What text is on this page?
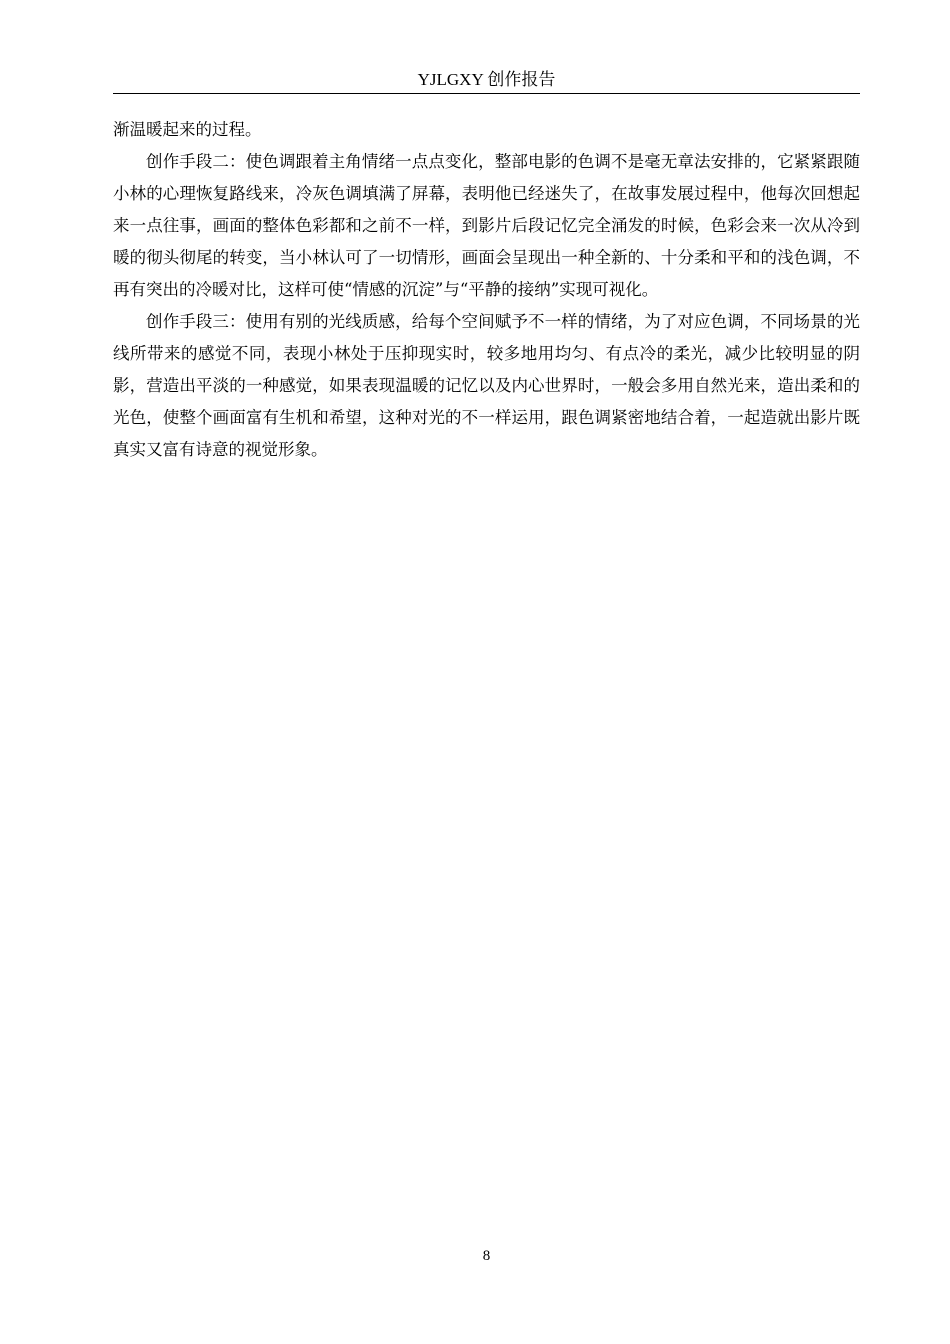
YJLGXY 创作报告

渐温暖起来的过程。

创作手段二：使色调跟着主角情绪一点点变化，整部电影的色调不是毫无章法安排的，它紧紧跟随小林的心理恢复路线来，冷灰色调填满了屏幕，表明他已经迷失了，在故事发展过程中，他每次回想起来一点往事，画面的整体色彩都和之前不一样，到影片后段记忆完全涌发的时候，色彩会来一次从冷到暖的彻头彻尾的转变，当小林认可了一切情形，画面会呈现出一种全新的、十分柔和平和的浅色调，不再有突出的冷暖对比，这样可使“情感的沉淀”与“平静的接纳”实现可视化。

创作手段三：使用有别的光线质感，给每个空间赋予不一样的情绪，为了对应色调，不同场景的光线所带来的感觉不同，表现小林处于压抑现实时，较多地用均匀、有点冷的柔光，减少比较明显的阴影，营造出平淡的一种感觉，如果表现温暖的记忆以及内心世界时，一般会多用自然光来，造出柔和的光色，使整个画面富有生机和希望，这种对光的不一样运用，跟色调紧密地结合着，一起造就出影片既真实又富有诗意的视觉形象。

8
